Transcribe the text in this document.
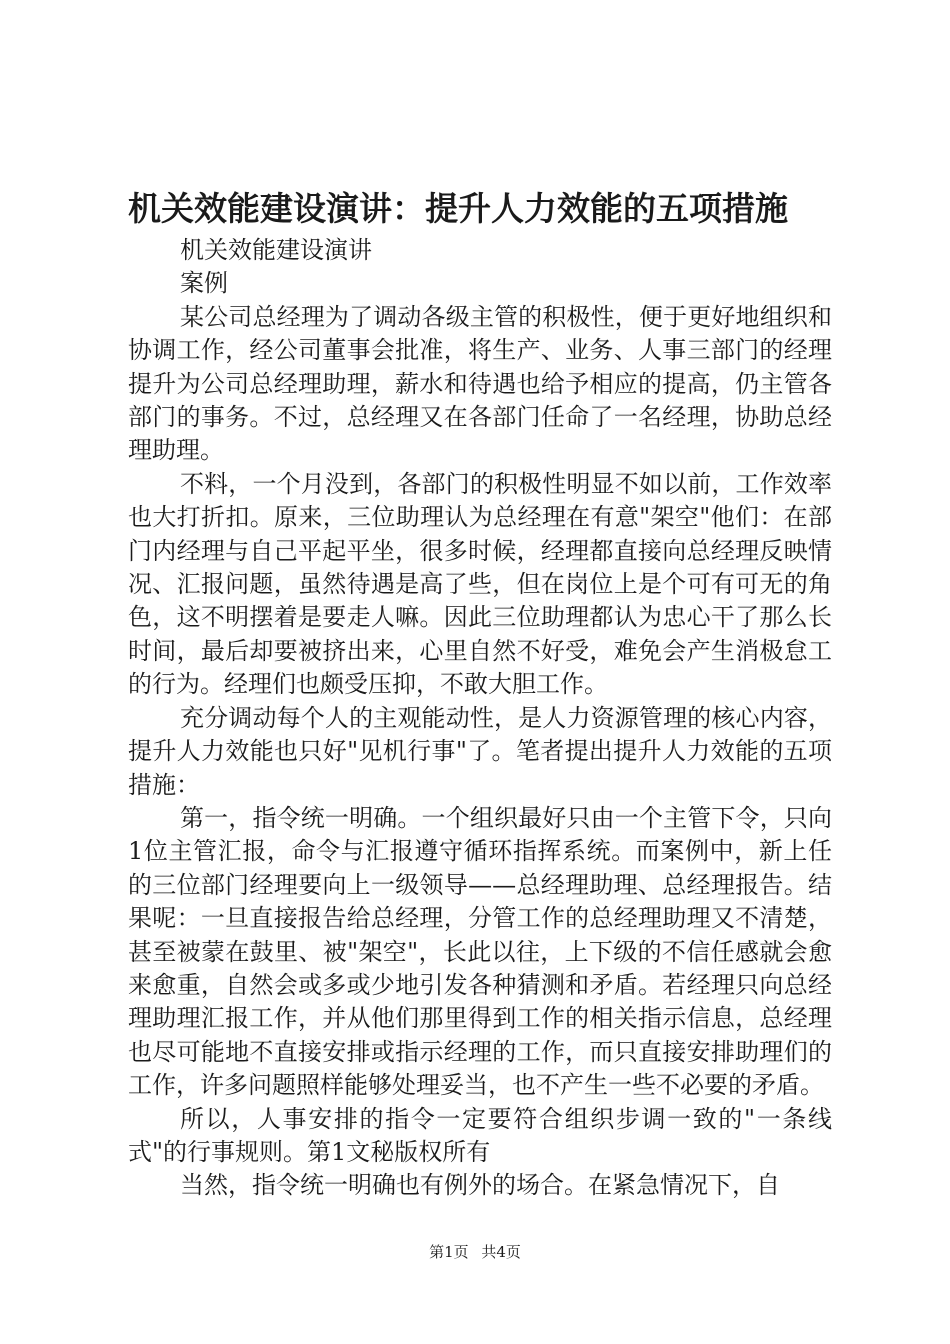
机关效能建设演讲：提升人力效能的五项措施

机关效能建设演讲

案例

某公司总经理为了调动各级主管的积极性，便于更好地组织和协调工作，经公司董事会批准，将生产、业务、人事三部门的经理提升为公司总经理助理，薪水和待遇也给予相应的提高，仍主管各部门的事务。不过，总经理又在各部门任命了一名经理，协助总经理助理。

不料，一个月没到，各部门的积极性明显不如以前，工作效率也大打折扣。原来，三位助理认为总经理在有意"架空"他们：在部门内经理与自己平起平坐，很多时候，经理都直接向总经理反映情况、汇报问题，虽然待遇是高了些，但在岗位上是个可有可无的角色，这不明摆着是要走人嘛。因此三位助理都认为忠心干了那么长时间，最后却要被挤出来，心里自然不好受，难免会产生消极怠工的行为。经理们也颇受压抑，不敢大胆工作。

充分调动每个人的主观能动性，是人力资源管理的核心内容，提升人力效能也只好"见机行事"了。笔者提出提升人力效能的五项措施：

第一，指令统一明确。一个组织最好只由一个主管下令，只向1位主管汇报，命令与汇报遵守循环指挥系统。而案例中，新上任的三位部门经理要向上一级领导——总经理助理、总经理报告。结果呢：一旦直接报告给总经理，分管工作的总经理助理又不清楚，甚至被蒙在鼓里、被"架空"，长此以往，上下级的不信任感就会愈来愈重，自然会或多或少地引发各种猜测和矛盾。若经理只向总经理助理汇报工作，并从他们那里得到工作的相关指示信息，总经理也尽可能地不直接安排或指示经理的工作，而只直接安排助理们的工作，许多问题照样能够处理妥当，也不产生一些不必要的矛盾。

所以，人事安排的指令一定要符合组织步调一致的"一条线式"的行事规则。第1文秘版权所有

当然，指令统一明确也有例外的场合。在紧急情况下，自

第1页 共4页
